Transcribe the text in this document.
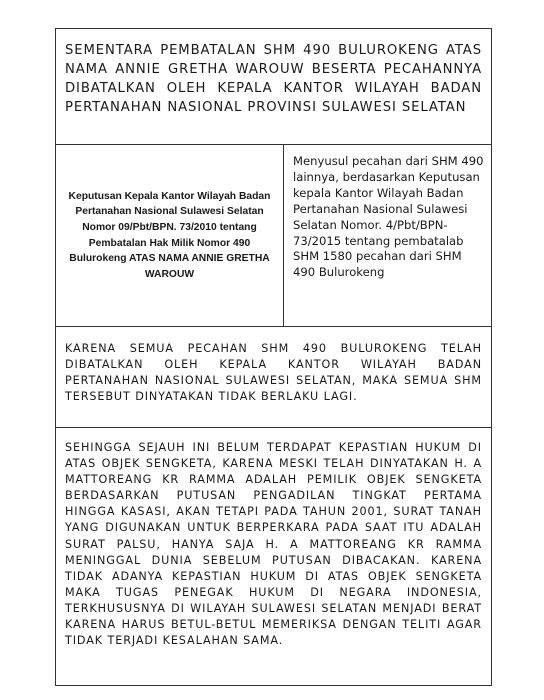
SEMENTARA PEMBATALAN SHM 490 BULUROKENG ATAS NAMA ANNIE GRETHA WAROUW BESERTA PECAHANNYA DIBATALKAN OLEH KEPALA KANTOR WILAYAH BADAN PERTANAHAN NASIONAL PROVINSI SULAWESI SELATAN
Keputusan Kepala Kantor Wilayah Badan Pertanahan Nasional Sulawesi Selatan Nomor 09/Pbt/BPN. 73/2010 tentang Pembatalan Hak Milik Nomor 490 Bulurokeng ATAS NAMA ANNIE GRETHA WAROUW
Menyusul pecahan dari SHM 490 lainnya, berdasarkan Keputusan kepala Kantor Wilayah Badan Pertanahan Nasional Sulawesi Selatan Nomor. 4/Pbt/BPN-73/2015 tentang pembatalab SHM 1580 pecahan dari SHM 490 Bulurokeng
KARENA SEMUA PECAHAN SHM 490 BULUROKENG TELAH DIBATALKAN OLEH KEPALA KANTOR WILAYAH BADAN PERTANAHAN NASIONAL SULAWESI SELATAN, MAKA SEMUA SHM TERSEBUT DINYATAKAN TIDAK BERLAKU LAGI.
SEHINGGA SEJAUH INI BELUM TERDAPAT KEPASTIAN HUKUM DI ATAS OBJEK SENGKETA, KARENA MESKI TELAH DINYATAKAN H. A MATTOREANG KR RAMMA ADALAH PEMILIK OBJEK SENGKETA BERDASARKAN PUTUSAN PENGADILAN TINGKAT PERTAMA HINGGA KASASI, AKAN TETAPI PADA TAHUN 2001, SURAT TANAH YANG DIGUNAKAN UNTUK BERPERKARA PADA SAAT ITU ADALAH SURAT PALSU, HANYA SAJA H. A MATTOREANG KR RAMMA MENINGGAL DUNIA SEBELUM PUTUSAN DIBACAKAN. KARENA TIDAK ADANYA KEPASTIAN HUKUM DI ATAS OBJEK SENGKETA MAKA TUGAS PENEGAK HUKUM DI NEGARA INDONESIA, TERKHUSUSNYA DI WILAYAH SULAWESI SELATAN MENJADI BERAT KARENA HARUS BETUL-BETUL MEMERIKSA DENGAN TELITI AGAR TIDAK TERJADI KESALAHAN SAMA.
